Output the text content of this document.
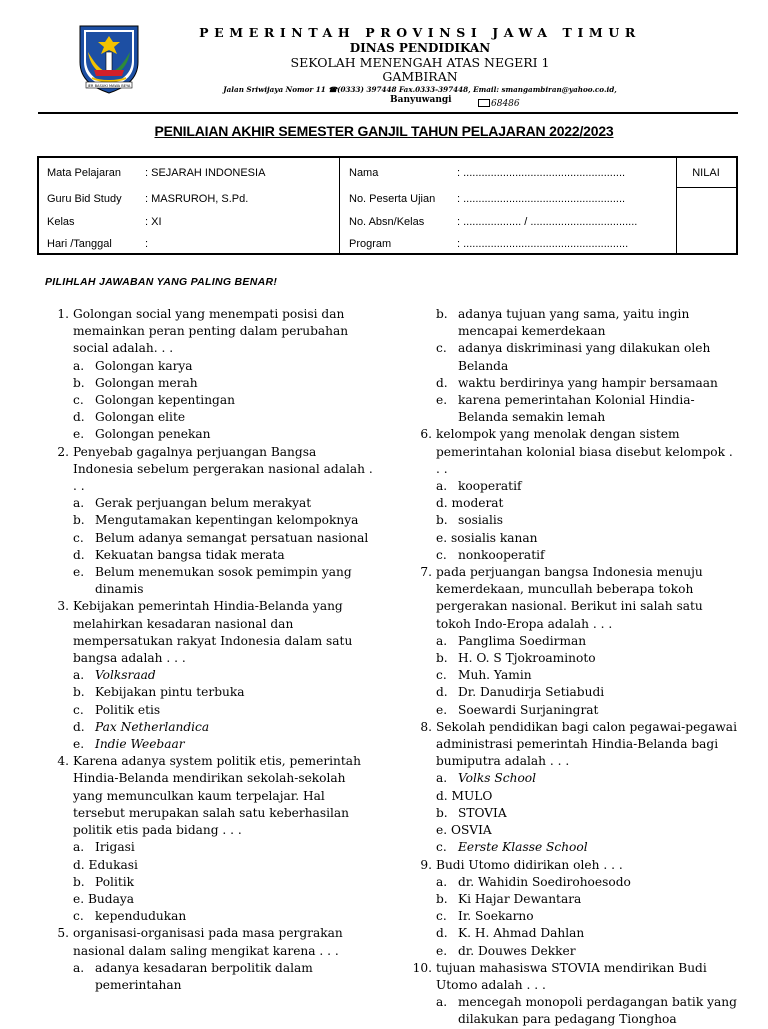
JER BASUKI MAWA BEYA
PEMERINTAH PROVINSI JAWA TIMUR
DINAS PENDIDIKAN
SEKOLAH MENENGAH ATAS NEGERI 1
GAMBIRAN
Jalan Sriwijaya Nomor 11 ☎(0333) 397448 Fax.0333-397448, Email: smangambiran@yahoo.co.id,
Banyuwangi	68486
PENILAIAN AKHIR SEMESTER GANJIL TAHUN PELAJARAN 2022/2023
Mata Pelajaran : SEJARAH INDONESIA
Guru Bid Study : MASRUROH, S.Pd.
Kelas	: XI
Hari /Tanggal	:
Nama	: .....................................................
No. Peserta Ujian : .....................................................
No. Absn/Kelas	: ................... / ...................................
Program	: ......................................................
NILAI
PILIHLAH JAWABAN YANG PALING BENAR!
1. Golongan social yang menempati posisi dan memainkan peran penting dalam perubahan social adalah. . .
a. Golongan karya
b. Golongan merah
c. Golongan kepentingan
d. Golongan elite
e. Golongan penekan
2. Penyebab gagalnya perjuangan Bangsa Indonesia sebelum pergerakan nasional adalah . . .
a. Gerak perjuangan belum merakyat
b. Mengutamakan kepentingan kelompoknya
c. Belum adanya semangat persatuan nasional
d. Kekuatan bangsa tidak merata
e. Belum menemukan sosok pemimpin yang dinamis
3. Kebijakan pemerintah Hindia-Belanda yang melahirkan kesadaran nasional dan mempersatukan rakyat Indonesia dalam satu bangsa adalah . . .
a. Volksraad
b. Kebijakan pintu terbuka
c. Politik etis
d. Pax Netherlandica
e. Indie Weebaar
4. Karena adanya system politik etis, pemerintah Hindia-Belanda mendirikan sekolah-sekolah yang memunculkan kaum terpelajar. Hal tersebut merupakan salah satu keberhasilan politik etis pada bidang . . .
a. Irigasid. Edukasi
b. Politike. Budaya
c. kependudukan
5. organisasi-organisasi pada masa pergrakan nasional dalam saling mengikat karena . . .
a. adanya kesadaran berpolitik dalam pemerintahan
b. adanya tujuan yang sama, yaitu ingin mencapai kemerdekaan
c. adanya diskriminasi yang dilakukan oleh Belanda
d. waktu berdirinya yang hampir bersamaan
e. karena pemerintahan Kolonial Hindia-Belanda semakin lemah
6. kelompok yang menolak dengan sistem pemerintahan kolonial biasa disebut kelompok . . .
a. kooperatifd. moderat
b. sosialise. sosialis kanan
c. nonkooperatif
7. pada perjuangan bangsa Indonesia menuju kemerdekaan, muncullah beberapa tokoh pergerakan nasional. Berikut ini salah satu tokoh Indo-Eropa adalah . . .
a. Panglima Soedirman
b. H. O. S Tjokroaminoto
c. Muh. Yamin
d. Dr. Danudirja Setiabudi
e. Soewardi Surjaningrat
8. Sekolah pendidikan bagi calon pegawai-pegawai administrasi pemerintah Hindia-Belanda bagi bumiputra adalah . . .
a. Volks Schoold. MULO
b. STOVIAe. OSVIA
c. Eerste Klasse School
9. Budi Utomo didirikan oleh . . .
a. dr. Wahidin Soedirohoesodo
b. Ki Hajar Dewantara
c. Ir. Soekarno
d. K. H. Ahmad Dahlan
e. dr. Douwes Dekker
10. tujuan mahasiswa STOVIA mendirikan Budi Utomo adalah . . .
a. mencegah monopoli perdagangan batik yang dilakukan para pedagang Tionghoa
